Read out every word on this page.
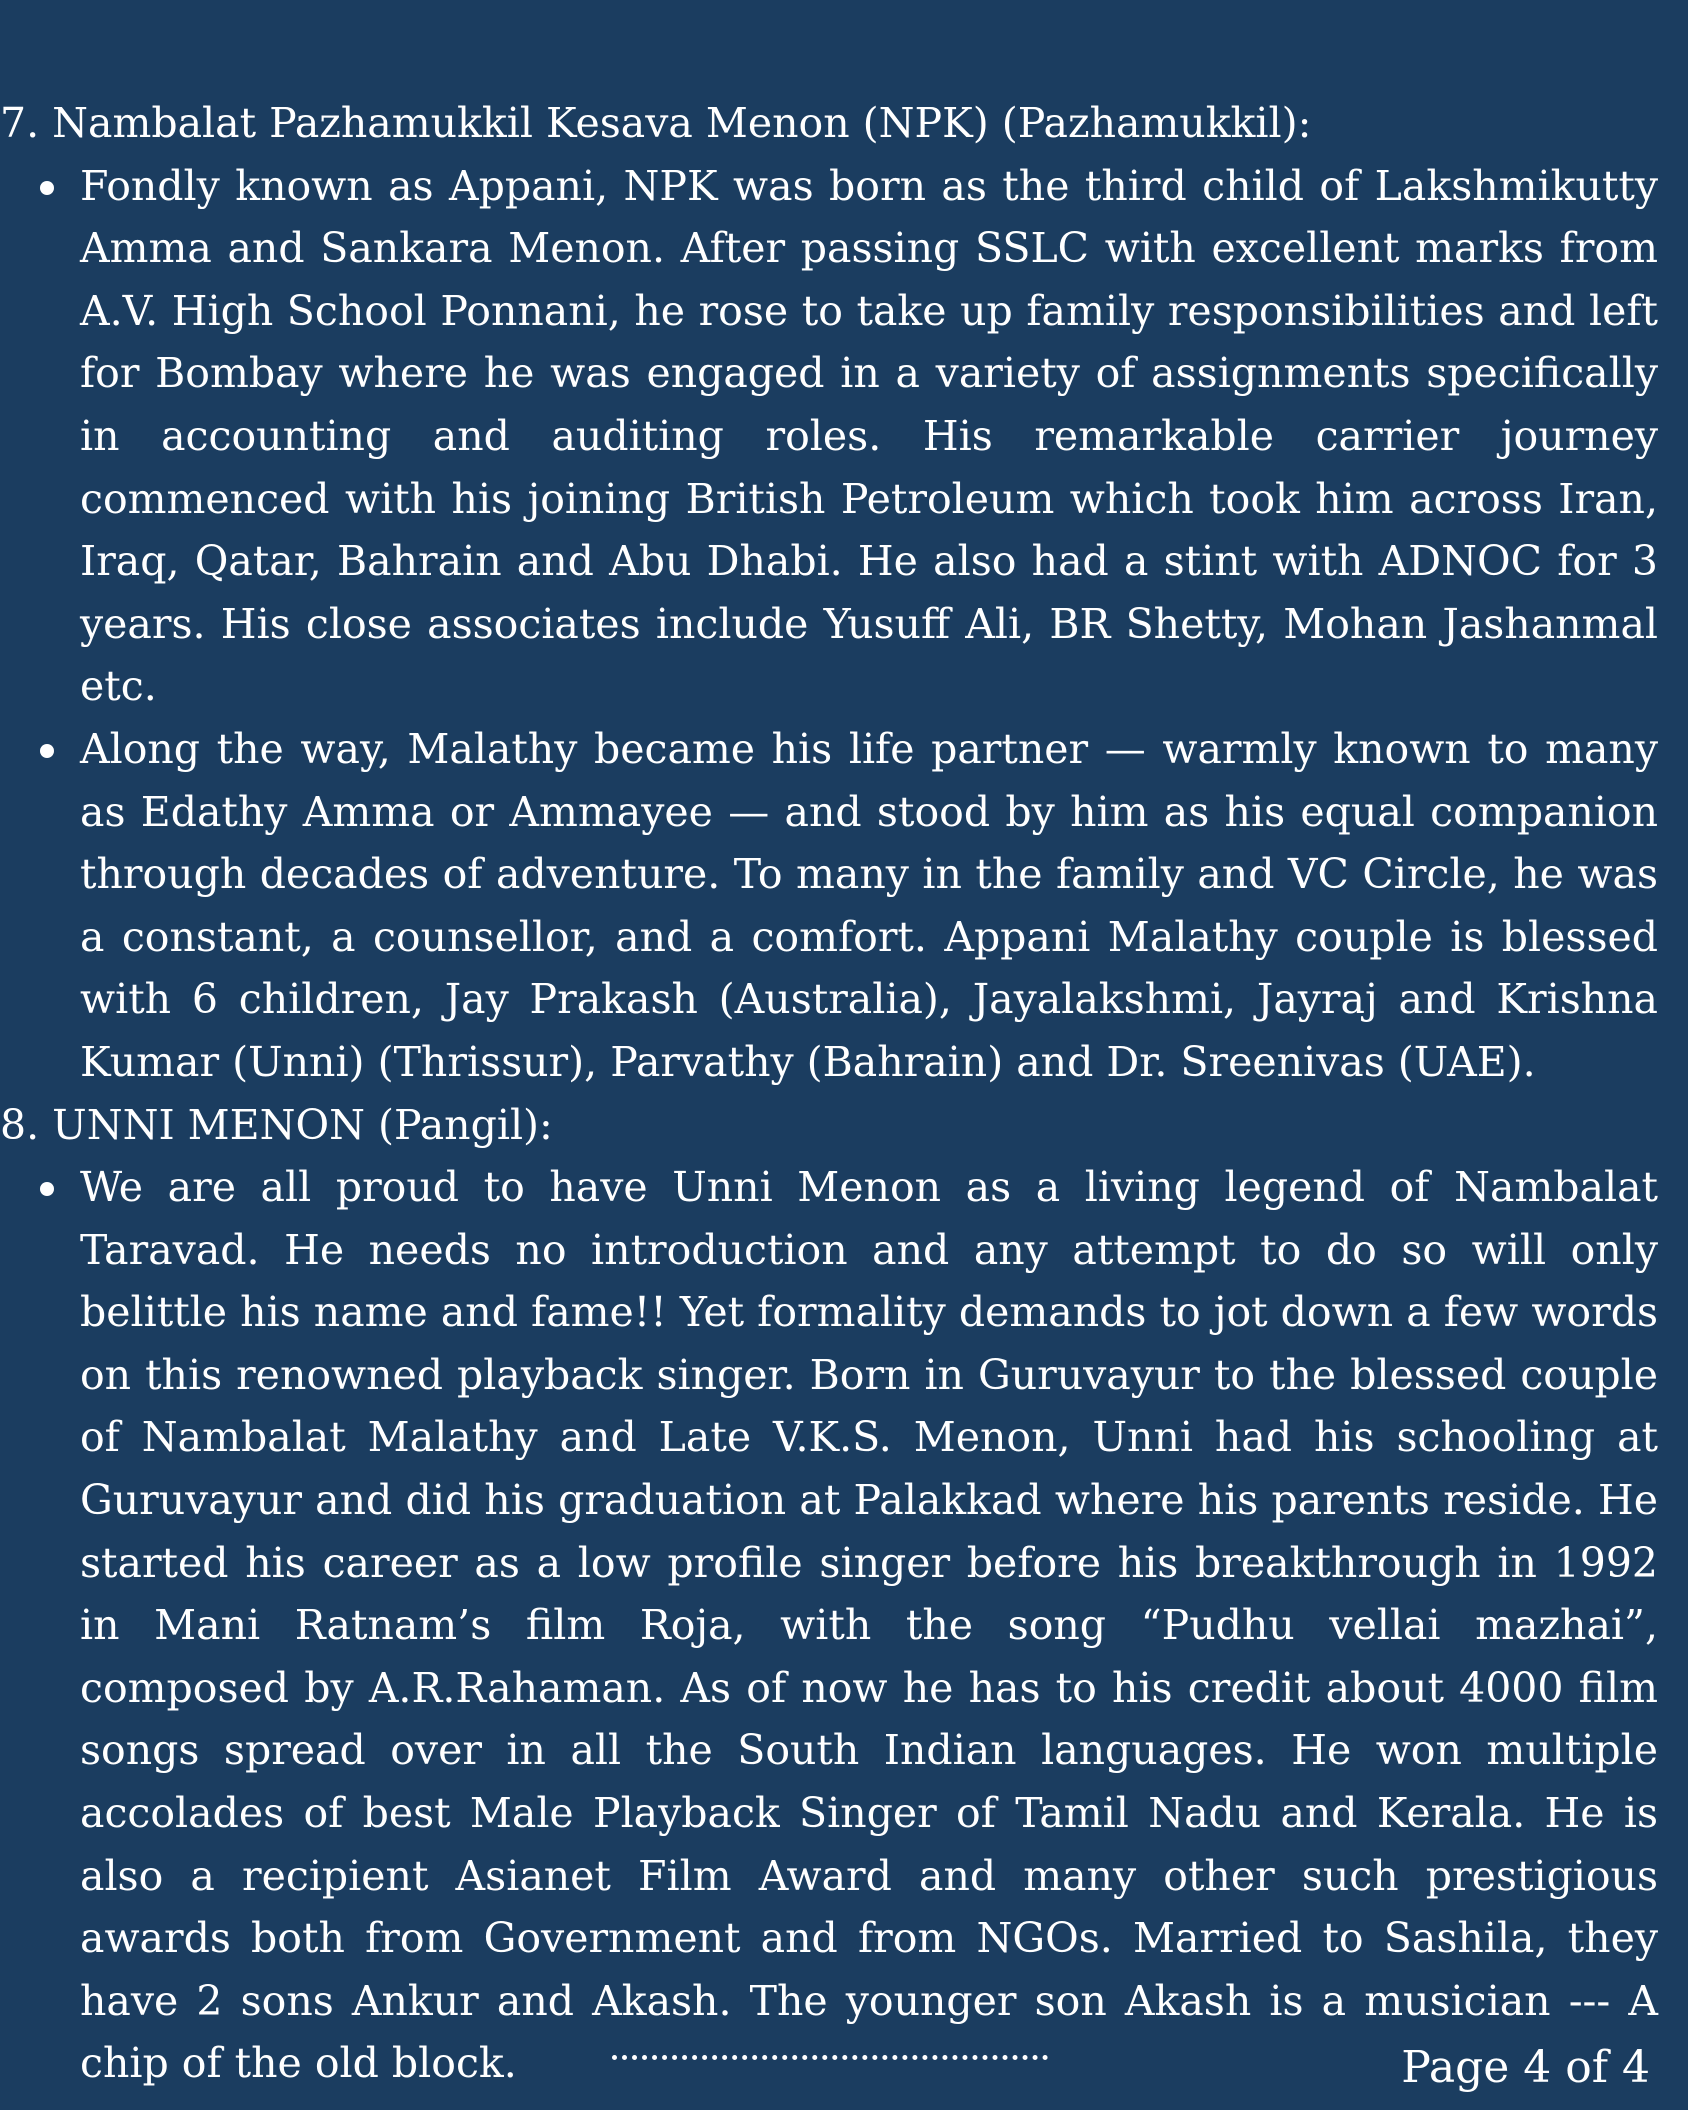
7. Nambalat Pazhamukkil Kesava Menon (NPK) (Pazhamukkil):

Fondly known as Appani, NPK was born as the third child of Lakshmikutty Amma and Sankara Menon. After passing SSLC with excellent marks from A.V. High School Ponnani, he rose to take up family responsibilities and left for Bombay where he was engaged in a variety of assignments specifically in accounting and auditing roles. His remarkable carrier journey commenced with his joining British Petroleum which took him across Iran, Iraq, Qatar, Bahrain and Abu Dhabi. He also had a stint with ADNOC for 3 years. His close associates include Yusuff Ali, BR Shetty, Mohan Jashanmal etc.
Along the way, Malathy became his life partner — warmly known to many as Edathy Amma or Ammayee — and stood by him as his equal companion through decades of adventure. To many in the family and VC Circle, he was a constant, a counsellor, and a comfort. Appani Malathy couple is blessed with 6 children, Jay Prakash (Australia), Jayalakshmi, Jayraj and Krishna Kumar (Unni) (Thrissur), Parvathy (Bahrain) and Dr. Sreenivas (UAE).

8. UNNI MENON (Pangil):

We are all proud to have Unni Menon as a living legend of Nambalat Taravad. He needs no introduction and any attempt to do so will only belittle his name and fame!! Yet formality demands to jot down a few words on this renowned playback singer. Born in Guruvayur to the blessed couple of Nambalat Malathy and Late V.K.S. Menon, Unni had his schooling at Guruvayur and did his graduation at Palakkad where his parents reside. He started his career as a low profile singer before his breakthrough in 1992 in Mani Ratnam’s film Roja, with the song “Pudhu vellai mazhai”, composed by A.R.Rahaman. As of now he has to his credit about 4000 film songs spread over in all the South Indian languages. He won multiple accolades of best Male Playback Singer of Tamil Nadu and Kerala. He is also a recipient Asianet Film Award and many other such prestigious awards both from Government and from NGOs. Married to Sashila, they have 2 sons Ankur and Akash. The younger son Akash is a musician --- A chip of the old block.	Page 4 of 4
